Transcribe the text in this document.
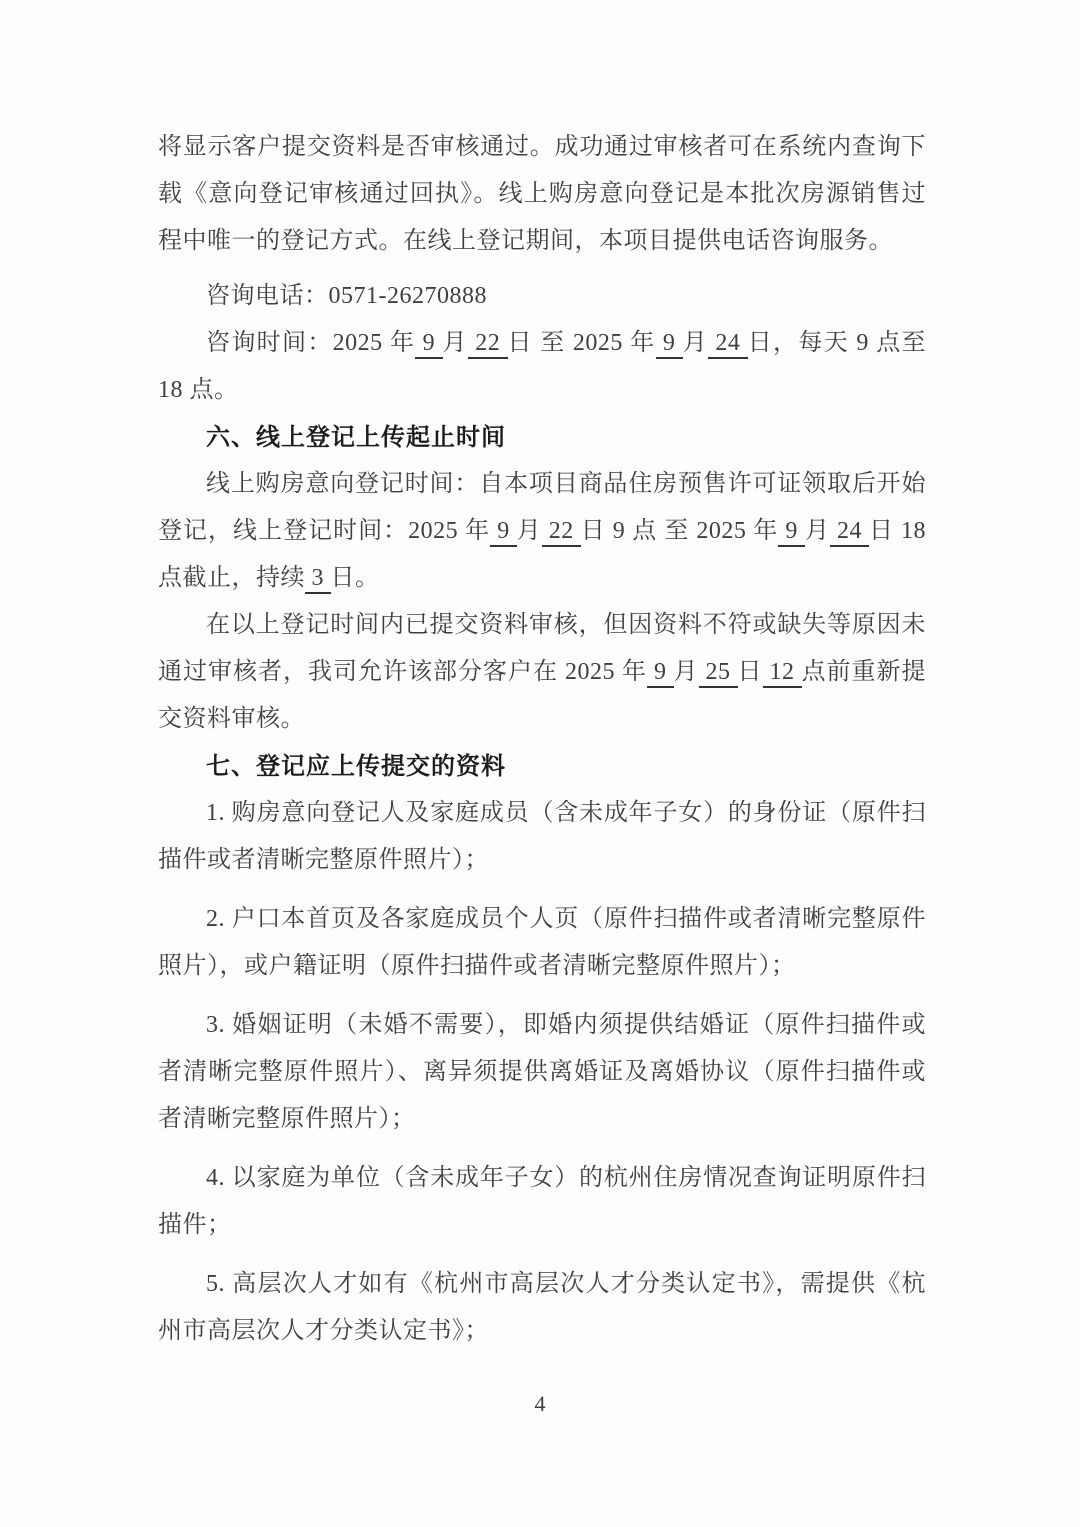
将显示客户提交资料是否审核通过。成功通过审核者可在系统内查询下载《意向登记审核通过回执》。线上购房意向登记是本批次房源销售过程中唯一的登记方式。在线上登记期间，本项目提供电话咨询服务。
咨询电话：0571-26270888
咨询时间：2025 年 9 月 22 日 至 2025 年 9 月 24 日，每天 9 点至 18 点。
六、线上登记上传起止时间
线上购房意向登记时间：自本项目商品住房预售许可证领取后开始登记，线上登记时间：2025 年 9 月 22 日 9 点 至 2025 年 9 月 24 日 18 点截止，持续 3 日。
在以上登记时间内已提交资料审核，但因资料不符或缺失等原因未通过审核者，我司允许该部分客户在 2025 年 9 月 25 日 12 点前重新提交资料审核。
七、登记应上传提交的资料
1. 购房意向登记人及家庭成员（含未成年子女）的身份证（原件扫描件或者清晰完整原件照片）；
2. 户口本首页及各家庭成员个人页（原件扫描件或者清晰完整原件照片），或户籍证明（原件扫描件或者清晰完整原件照片）；
3. 婚姻证明（未婚不需要），即婚内须提供结婚证（原件扫描件或者清晰完整原件照片）、离异须提供离婚证及离婚协议（原件扫描件或者清晰完整原件照片）；
4. 以家庭为单位（含未成年子女）的杭州住房情况查询证明原件扫描件；
5. 高层次人才如有《杭州市高层次人才分类认定书》，需提供《杭州市高层次人才分类认定书》；
4
